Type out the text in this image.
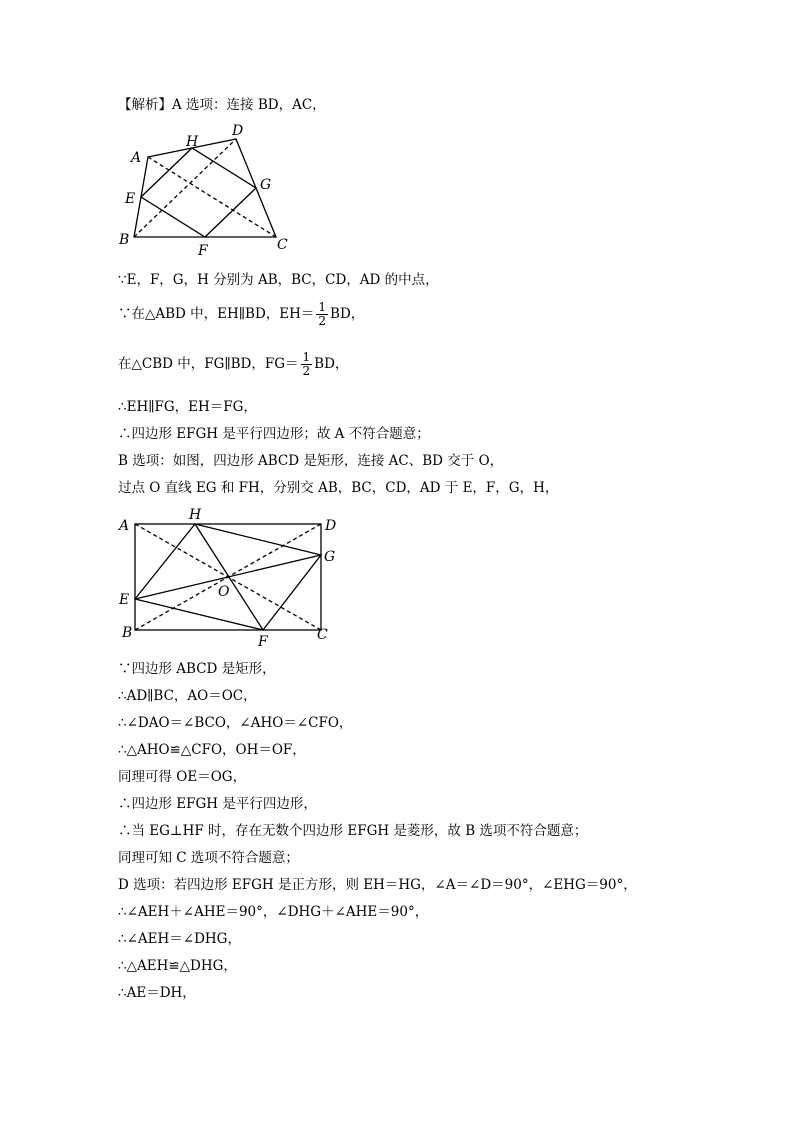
【解析】A 选项：连接 BD，AC，
A
H
D
G
E
B
F	C
∵E，F，G，H 分别为 AB，BC，CD，AD 的中点，
∵在△ABD 中，EH∥BD，$EH= \frac{1}{2}$ BD，
在△CBD 中，FG∥BD，$FG= \frac{1}{2}$ BD，
∴EH∥FG，EH＝FG，
∴四边形 EFGH 是平行四边形；故 A 不符合题意；
B 选项：如图，四边形 ABCD 是矩形，连接 AC、BD 交于 O，
过点 O 直线 EG 和 FH，分别交 AB，BC，CD，AD 于 E，F，G，H，
A
H
D
G
O
E
B
F	C
∵四边形 ABCD 是矩形，
∴AD∥BC，AO＝OC，
∴∠DAO＝∠BCO，∠AHO＝∠CFO，
∴△AHO≌△CFO，OH＝OF，
同理可得 OE＝OG，
∴四边形 EFGH 是平行四边形，
∴当 EG⊥HF 时，存在无数个四边形 EFGH 是菱形，故 B 选项不符合题意；
同理可知 C 选项不符合题意；
D 选项：若四边形 EFGH 是正方形，则 EH＝HG，∠A＝∠D＝90°，∠EHG＝90°，
∴∠AEH＋∠AHE＝90°，∠DHG＋∠AHE＝90°，
∴∠AEH＝∠DHG，
∴△AEH≌△DHG，
∴AE＝DH，
